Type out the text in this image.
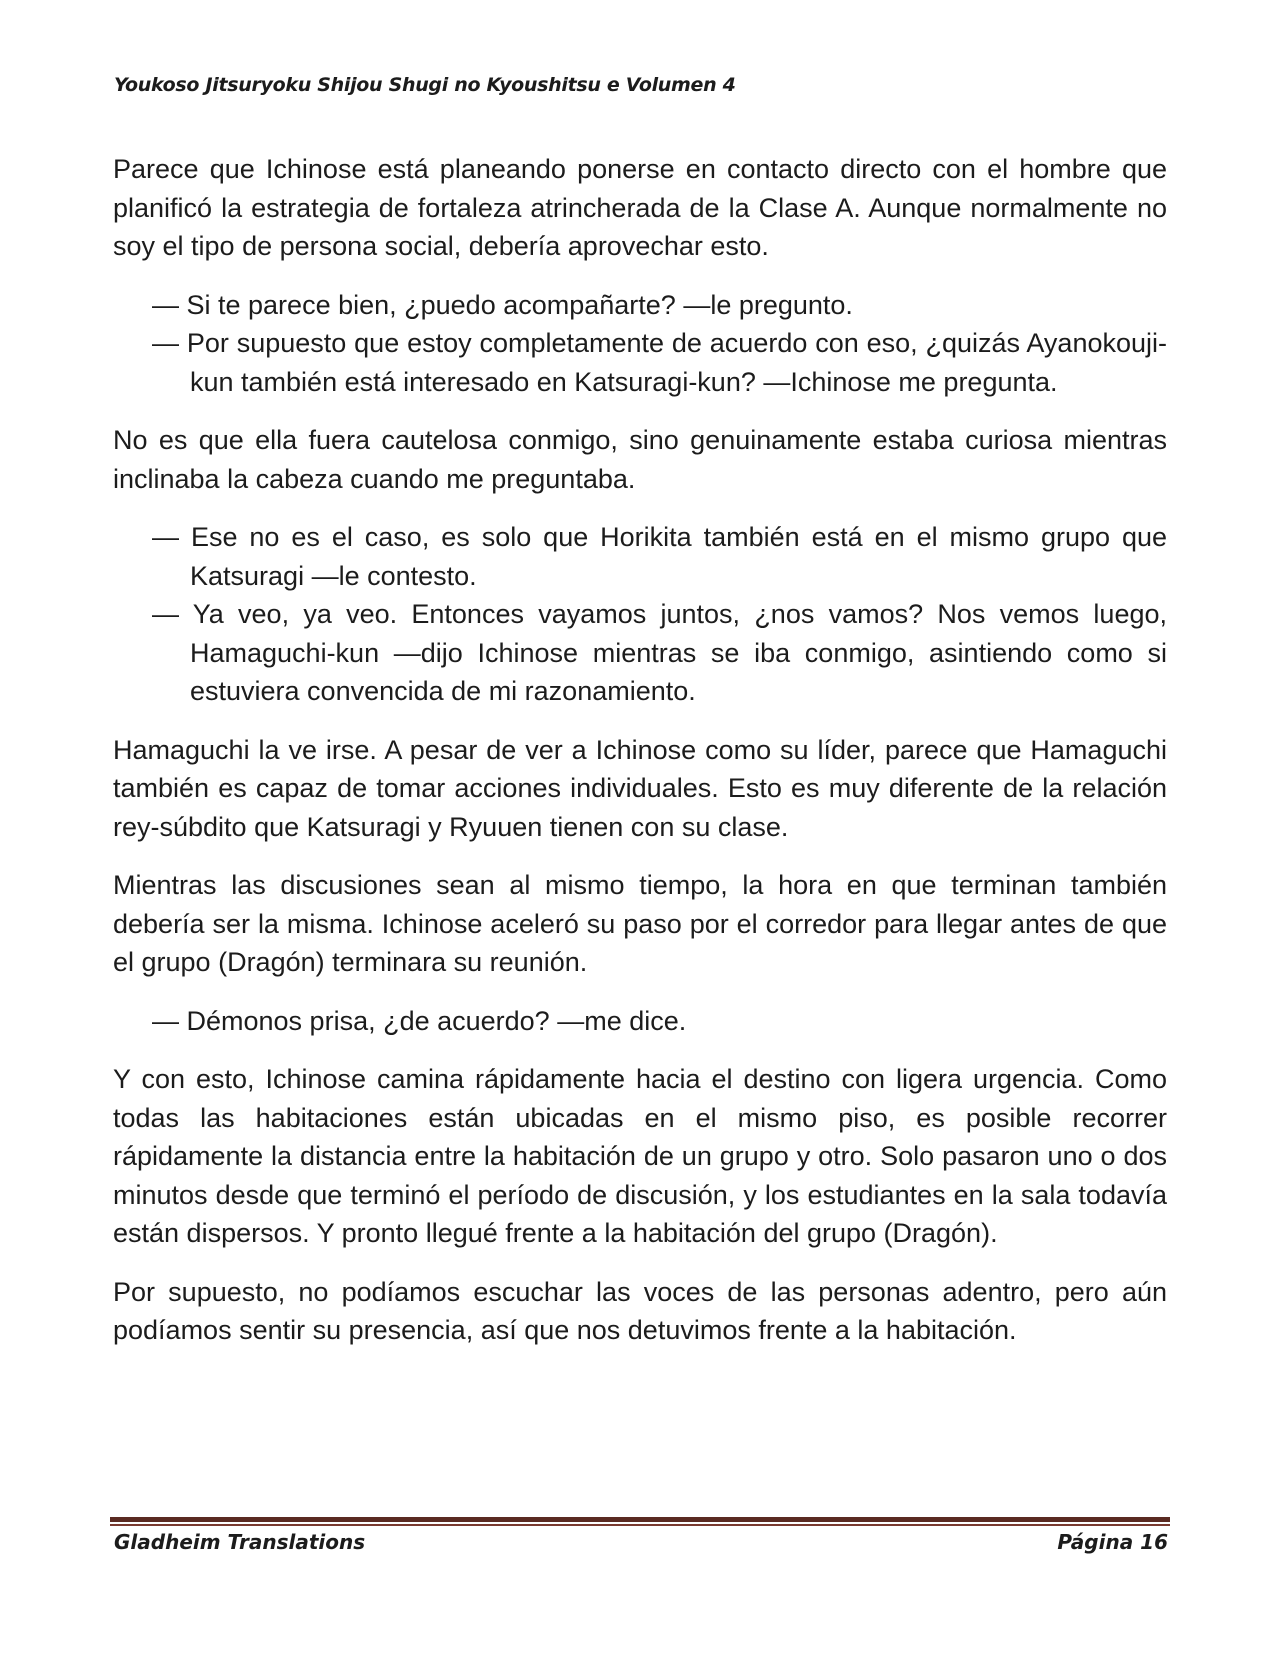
Youkoso Jitsuryoku Shijou Shugi no Kyoushitsu e Volumen 4

Parece que Ichinose está planeando ponerse en contacto directo con el hombre que planificó la estrategia de fortaleza atrincherada de la Clase A. Aunque normalmente no soy el tipo de persona social, debería aprovechar esto.

— Si te parece bien, ¿puedo acompañarte? —le pregunto.

— Por supuesto que estoy completamente de acuerdo con eso, ¿quizás Ayanokouji-kun también está interesado en Katsuragi-kun? —Ichinose me pregunta.

No es que ella fuera cautelosa conmigo, sino genuinamente estaba curiosa mientras inclinaba la cabeza cuando me preguntaba.

— Ese no es el caso, es solo que Horikita también está en el mismo grupo que Katsuragi —le contesto.

— Ya veo, ya veo. Entonces vayamos juntos, ¿nos vamos? Nos vemos luego, Hamaguchi-kun —dijo Ichinose mientras se iba conmigo, asintiendo como si estuviera convencida de mi razonamiento.

Hamaguchi la ve irse. A pesar de ver a Ichinose como su líder, parece que Hamaguchi también es capaz de tomar acciones individuales. Esto es muy diferente de la relación rey-súbdito que Katsuragi y Ryuuen tienen con su clase.

Mientras las discusiones sean al mismo tiempo, la hora en que terminan también debería ser la misma. Ichinose aceleró su paso por el corredor para llegar antes de que el grupo (Dragón) terminara su reunión.

— Démonos prisa, ¿de acuerdo? —me dice.

Y con esto, Ichinose camina rápidamente hacia el destino con ligera urgencia. Como todas las habitaciones están ubicadas en el mismo piso, es posible recorrer rápidamente la distancia entre la habitación de un grupo y otro. Solo pasaron uno o dos minutos desde que terminó el período de discusión, y los estudiantes en la sala todavía están dispersos. Y pronto llegué frente a la habitación del grupo (Dragón).

Por supuesto, no podíamos escuchar las voces de las personas adentro, pero aún podíamos sentir su presencia, así que nos detuvimos frente a la habitación.

Gladheim Translations	Página 16
